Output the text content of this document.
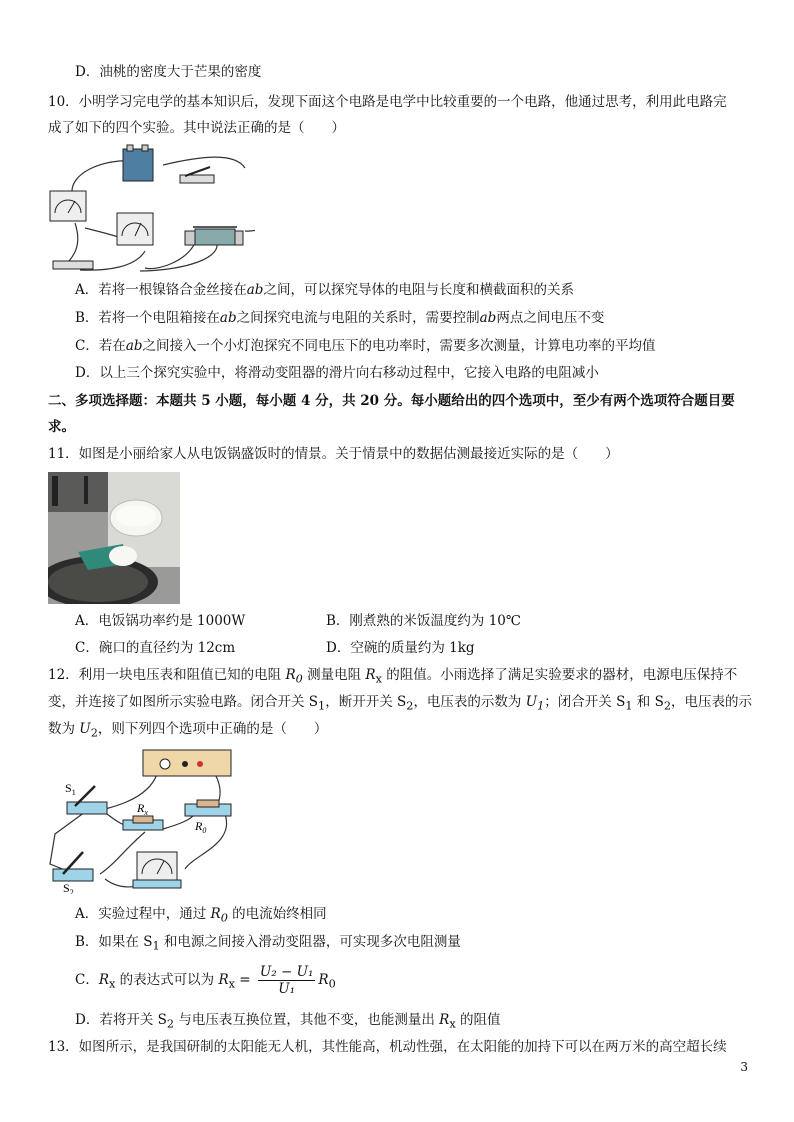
D．油桃的密度大于芒果的密度
10．小明学习完电学的基本知识后，发现下面这个电路是电学中比较重要的一个电路，他通过思考，利用此电路完
成了如下的四个实验。其中说法正确的是（　　）
A．若将一根镍铬合金丝接在ab之间，可以探究导体的电阻与长度和横截面积的关系
B．若将一个电阻箱接在ab之间探究电流与电阻的关系时，需要控制ab两点之间电压不变
C．若在ab之间接入一个小灯泡探究不同电压下的电功率时，需要多次测量，计算电功率的平均值
D．以上三个探究实验中，将滑动变阻器的滑片向右移动过程中，它接入电路的电阻减小
二、多项选择题：本题共 5 小题，每小题 4 分，共 20 分。每小题给出的四个选项中，至少有两个选项符合题目要
求。
11．如图是小丽给家人从电饭锅盛饭时的情景。关于情景中的数据估测最接近实际的是（　　）
A．电饭锅功率约是 1000W	B．刚煮熟的米饭温度约为 10℃
C．碗口的直径约为 12cm	D．空碗的质量约为 1kg
12．利用一块电压表和阻值已知的电阻 $R_0$ 测量电阻 $R_x$ 的阻值。小雨选择了满足实验要求的器材，电源电压保持不
变，并连接了如图所示实验电路。闭合开关 $S_1$，断开开关 $S_2$，电压表的示数为 $U_1$；闭合开关 $S_1$ 和 $S_2$，电压表的示
数为 $U_2$，则下列四个选项中正确的是（　　）
$S_1$
$R_x$
$R_0$
$S_2$
A．实验过程中，通过 $R_0$ 的电流始终相同
B．如果在 $S_1$ 和电源之间接入滑动变阻器，可实现多次电阻测量
C．$R_x$ 的表达式可以为 $R_x = \frac{\text{U₂ − U₁}}{\text{U₁}} R_0$
D．若将开关 $S_2$ 与电压表互换位置，其他不变，也能测量出 $R_x$ 的阻值
13．如图所示，是我国研制的太阳能无人机，其性能高，机动性强，在太阳能的加持下可以在两万米的高空超长续
3
